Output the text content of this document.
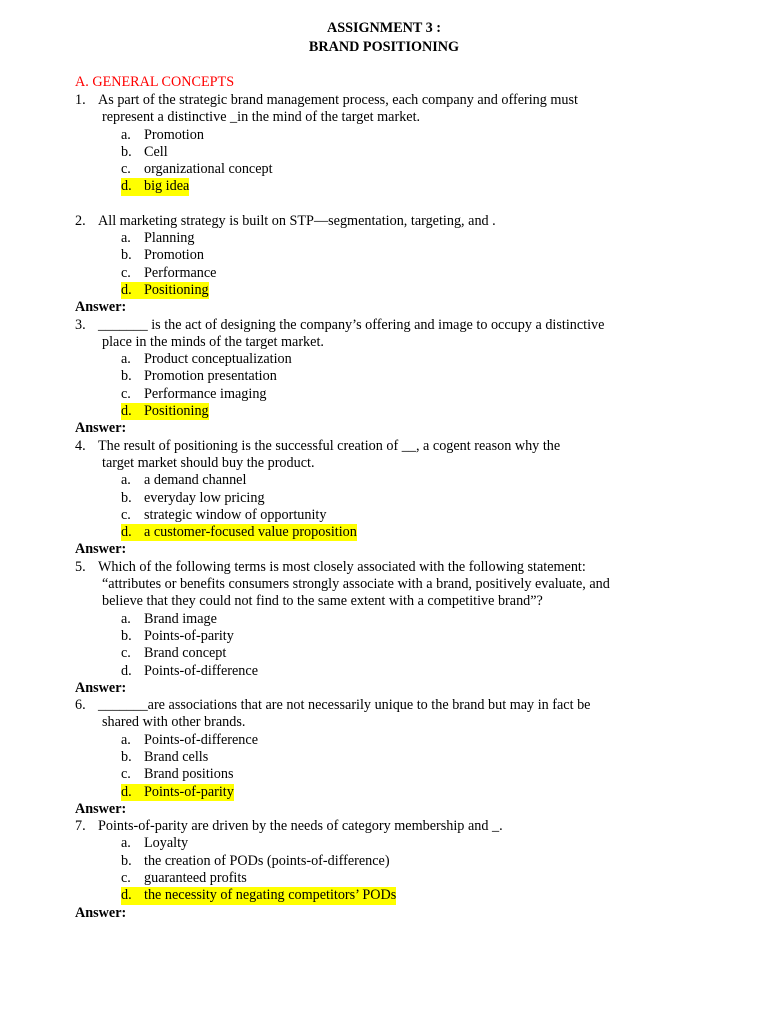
ASSIGNMENT 3 :
BRAND POSITIONING
A. GENERAL CONCEPTS
1. As part of the strategic brand management process, each company and offering must
represent a distinctive _in the mind of the target market.
a. Promotion
b. Cell
c. organizational concept
d. big idea
2. All marketing strategy is built on STP—segmentation, targeting, and .
a. Planning
b. Promotion
c. Performance
d. Positioning
Answer:
3. _______ is the act of designing the company’s offering and image to occupy a distinctive
place in the minds of the target market.
a. Product conceptualization
b. Promotion presentation
c. Performance imaging
d. Positioning
Answer:
4. The result of positioning is the successful creation of __, a cogent reason why the
target market should buy the product.
a. a demand channel
b. everyday low pricing
c. strategic window of opportunity
d. a customer-focused value proposition
Answer:
5. Which of the following terms is most closely associated with the following statement:
“attributes or benefits consumers strongly associate with a brand, positively evaluate, and
believe that they could not find to the same extent with a competitive brand”?
a. Brand image
b. Points-of-parity
c. Brand concept
d. Points-of-difference
Answer:
6. _______are associations that are not necessarily unique to the brand but may in fact be
shared with other brands.
a. Points-of-difference
b. Brand cells
c. Brand positions
d. Points-of-parity
Answer:
7. Points-of-parity are driven by the needs of category membership and _.
a. Loyalty
b. the creation of PODs (points-of-difference)
c. guaranteed profits
d. the necessity of negating competitors’ PODs
Answer:
